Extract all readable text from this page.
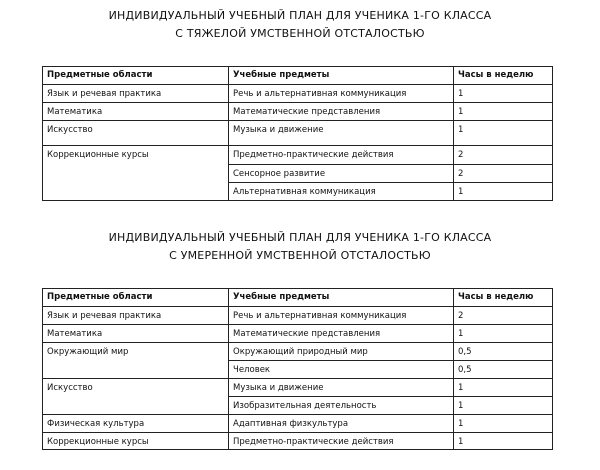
ИНДИВИДУАЛЬНЫЙ УЧЕБНЫЙ ПЛАН ДЛЯ УЧЕНИКА 1-ГО КЛАССА
С ТЯЖЕЛОЙ УМСТВЕННОЙ ОТСТАЛОСТЬЮ
Предметные области	Учебные предметы	Часы в неделю
Язык и речевая практика	Речь и альтернативная коммуникация	1
Математика	Математические представления	1
Искусство	Музыка и движение	1
Коррекционные курсы	Предметно-практические действия	2
	Сенсорное развитие	2
	Альтернативная коммуникация	1
ИНДИВИДУАЛЬНЫЙ УЧЕБНЫЙ ПЛАН ДЛЯ УЧЕНИКА 1-ГО КЛАССА
С УМЕРЕННОЙ УМСТВЕННОЙ ОТСТАЛОСТЬЮ
Предметные области	Учебные предметы	Часы в неделю
Язык и речевая практика	Речь и альтернативная коммуникация	2
Математика	Математические представления	1
Окружающий мир	Окружающий природный мир	0,5
	Человек	0,5
Искусство	Музыка и движение	1
	Изобразительная деятельность	1
Физическая культура	Адаптивная физкультура	1
Коррекционные курсы	Предметно-практические действия	1
